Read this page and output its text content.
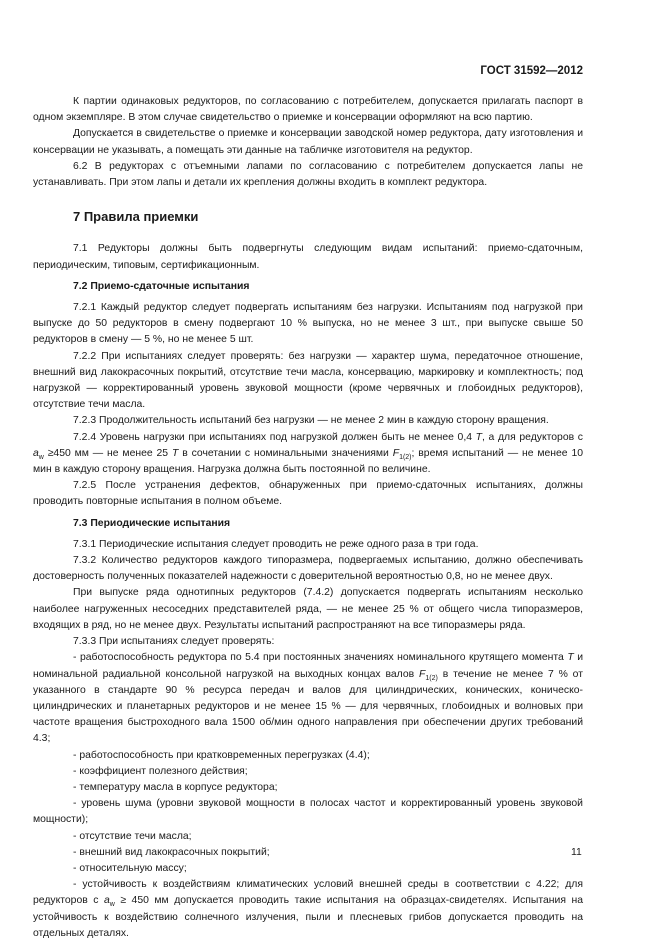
ГОСТ 31592—2012

К партии одинаковых редукторов, по согласованию с потребителем, допускается прилагать паспорт в одном экземпляре. В этом случае свидетельство о приемке и консервации оформляют на всю партию.

Допускается в свидетельстве о приемке и консервации заводской номер редуктора, дату изготовления и консервации не указывать, а помещать эти данные на табличке изготовителя на редуктор.

6.2 В редукторах с отъемными лапами по согласованию с потребителем допускается лапы не устанавливать. При этом лапы и детали их крепления должны входить в комплект редуктора.

7 Правила приемки

7.1 Редукторы должны быть подвергнуты следующим видам испытаний: приемо-сдаточным, периодическим, типовым, сертификационным.

7.2 Приемо-сдаточные испытания

7.2.1 Каждый редуктор следует подвергать испытаниям без нагрузки. Испытаниям под нагрузкой при выпуске до 50 редукторов в смену подвергают 10 % выпуска, но не менее 3 шт., при выпуске свыше 50 редукторов в смену — 5 %, но не менее 5 шт.

7.2.2 При испытаниях следует проверять: без нагрузки — характер шума, передаточное отношение, внешний вид лакокрасочных покрытий, отсутствие течи масла, консервацию, маркировку и комплектность; под нагрузкой — корректированный уровень звуковой мощности (кроме червячных и глобоидных редукторов), отсутствие течи масла.

7.2.3 Продолжительность испытаний без нагрузки — не менее 2 мин в каждую сторону вращения.

7.2.4 Уровень нагрузки при испытаниях под нагрузкой должен быть не менее 0,4 T, а для редукторов с $a_w \ge 450$ мм — не менее 25 T в сочетании с номинальными значениями $F_{1(2)}$; время испытаний — не менее 10 мин в каждую сторону вращения. Нагрузка должна быть постоянной по величине.

7.2.5 После устранения дефектов, обнаруженных при приемо-сдаточных испытаниях, должны проводить повторные испытания в полном объеме.

7.3 Периодические испытания

7.3.1 Периодические испытания следует проводить не реже одного раза в три года.

7.3.2 Количество редукторов каждого типоразмера, подвергаемых испытанию, должно обеспечивать достоверность полученных показателей надежности с доверительной вероятностью 0,8, но не менее двух.

При выпуске ряда однотипных редукторов (7.4.2) допускается подвергать испытаниям несколько наиболее нагруженных несоседних представителей ряда, — не менее 25 % от общего числа типоразмеров, входящих в ряд, но не менее двух. Результаты испытаний распространяют на все типоразмеры ряда.

7.3.3 При испытаниях следует проверять:

- работоспособность редуктора по 5.4 при постоянных значениях номинального крутящего момента T и номинальной радиальной консольной нагрузкой на выходных концах валов $F_{1(2)}$ в течение не менее 7 % от указанного в стандарте 90 % ресурса передач и валов для цилиндрических, конических, коническо-цилиндрических и планетарных редукторов и не менее 15 % — для червячных, глобоидных и волновых при частоте вращения быстроходного вала 1500 об/мин одного направления при обеспечении других требований 4.3;

- работоспособность при кратковременных перегрузках (4.4);

- коэффициент полезного действия;

- температуру масла в корпусе редуктора;

- уровень шума (уровни звуковой мощности в полосах частот и корректированный уровень звуковой мощности);

- отсутствие течи масла;

- внешний вид лакокрасочных покрытий;

- относительную массу;

- устойчивость к воздействиям климатических условий внешней среды в соответствии с 4.22; для редукторов с $a_w \ge 450$ мм допускается проводить такие испытания на образцах-свидетелях. Испытания на устойчивость к воздействию солнечного излучения, пыли и плесневых грибов допускается проводить на отдельных деталях.

11
